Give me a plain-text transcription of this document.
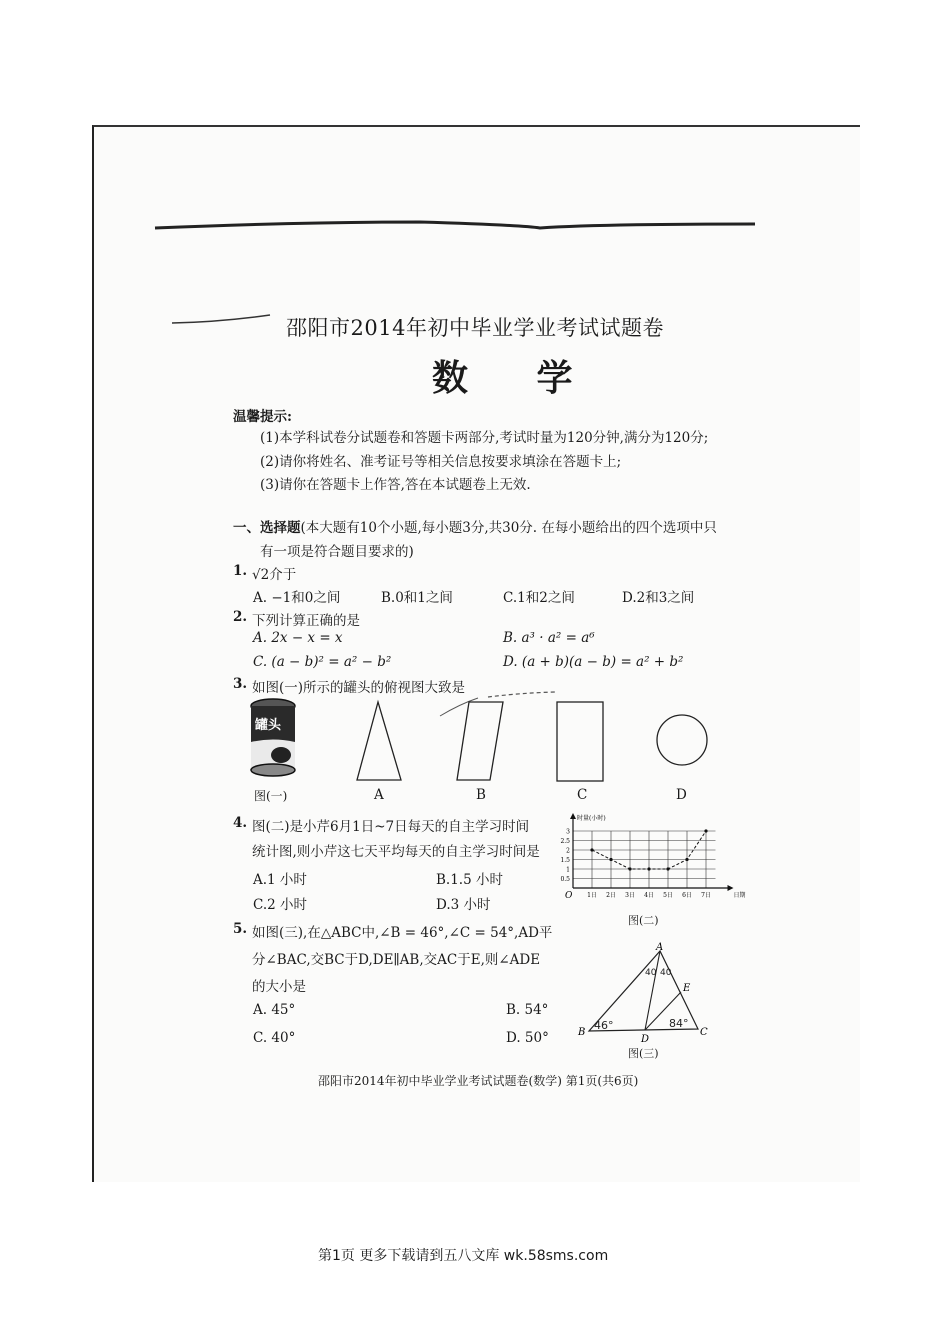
邵阳市2014年初中毕业学业考试试题卷
数 学
温馨提示:
(1)本学科试卷分试题卷和答题卡两部分,考试时量为120分钟,满分为120分;
(2)请你将姓名、准考证号等相关信息按要求填涂在答题卡上;
(3)请你在答题卡上作答,答在本试题卷上无效.
一、选择题(本大题有10个小题,每小题3分,共30分. 在每小题给出的四个选项中只
有一项是符合题目要求的)
1. √2介于
A. −1和0之间	B.0和1之间	C.1和2之间	D.2和3之间
2. 下列计算正确的是
A. 2x − x = x	B. a³ · a² = a⁶
C. (a − b)² = a² − b²	D. (a + b)(a − b) = a² + b²
3. 如图(一)所示的罐头的俯视图大致是
罐头
图(一)	A	B	C	D
4. 图(二)是小芹6月1日~7日每天的自主学习时间
统计图,则小芹这七天平均每天的自主学习时间是
A.1 小时	B.1.5 小时
C.2 小时	D.3 小时
0.5
1
1.5
2
2.5
3
1日 2日 3日 4日 5日 6日 7日
时量(小时)
日期
O
图(二)
5. 如图(三),在△ABC中,∠B = 46°,∠C = 54°,AD平
分∠BAC,交BC于D,DE∥AB,交AC于E,则∠ADE
的大小是
A. 45°	B. 54°
C. 40°	D. 50°
A
B	C
D
E
46°	84°
40 40
图(三)
邵阳市2014年初中毕业学业考试试题卷(数学) 第1页(共6页)
第1页 更多下载请到五八文库 wk.58sms.com
